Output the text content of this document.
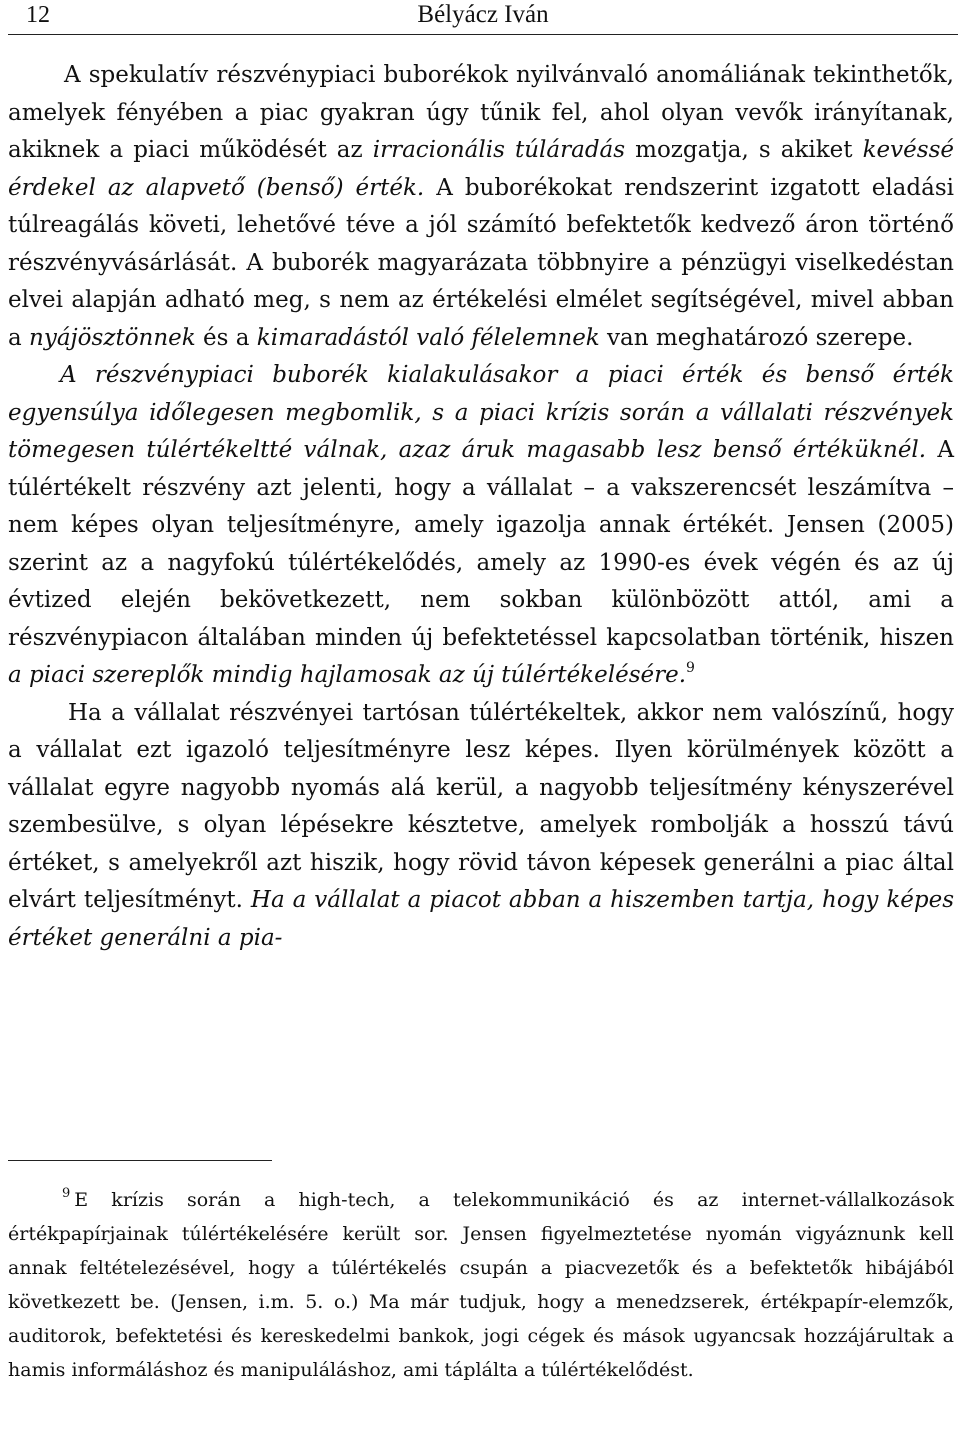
12	Bélyácz Iván

A spekulatív részvénypiaci buborékok nyilvánvaló anomáliának tekinthetők, amelyek fényében a piac gyakran úgy tűnik fel, ahol olyan vevők irányítanak, akiknek a piaci működését az irracionális túláradás mozgatja, s akiket kevéssé érdekel az alapvető (benső) érték. A buborékokat rendszerint izgatott eladási túlreagálás követi, lehetővé téve a jól számító befektetők kedvező áron történő részvényvásárlását. A buborék magyarázata többnyire a pénzügyi viselkedéstan elvei alapján adható meg, s nem az értékelési elmélet segítségével, mivel abban a nyájösztönnek és a kimaradástól való félelemnek van meghatározó szerepe.

A részvénypiaci buborék kialakulásakor a piaci érték és benső érték egyensúlya időlegesen megbomlik, s a piaci krízis során a vállalati részvények tömegesen túlértékeltté válnak, azaz áruk magasabb lesz benső értéküknél. A túlértékelt részvény azt jelenti, hogy a vállalat – a vakszerencsét leszámítva – nem képes olyan teljesítményre, amely igazolja annak értékét. Jensen (2005) szerint az a nagyfokú túlértékelődés, amely az 1990-es évek végén és az új évtized elején bekövetkezett, nem sokban különbözött attól, ami a részvénypiacon általában minden új befektetéssel kapcsolatban történik, hiszen a piaci szereplők mindig hajlamosak az új túlértékelésére.$^9$

Ha a vállalat részvényei tartósan túlértékeltek, akkor nem valószínű, hogy a vállalat ezt igazoló teljesítményre lesz képes. Ilyen körülmények között a vállalat egyre nagyobb nyomás alá kerül, a nagyobb teljesítmény kényszerével szembesülve, s olyan lépésekre késztetve, amelyek rombolják a hosszú távú értéket, s amelyekről azt hiszik, hogy rövid távon képesek generálni a piac által elvárt teljesítményt. Ha a vállalat a piacot abban a hiszemben tartja, hogy képes értéket generálni a pia-

$^9$ E krízis során a high-tech, a telekommunikáció és az internet-vállalkozások értékpapírjainak túlértékelésére került sor. Jensen figyelmeztetése nyomán vigyáznunk kell annak feltételezésével, hogy a túlértékelés csupán a piacvezetők és a befektetők hibájából következett be. (Jensen, i.m. 5. o.) Ma már tudjuk, hogy a menedzserek, értékpapír-elemzők, auditorok, befektetési és kereskedelmi bankok, jogi cégek és mások ugyancsak hozzájárultak a hamis informáláshoz és manipuláláshoz, ami táplálta a túlértékelődést.
